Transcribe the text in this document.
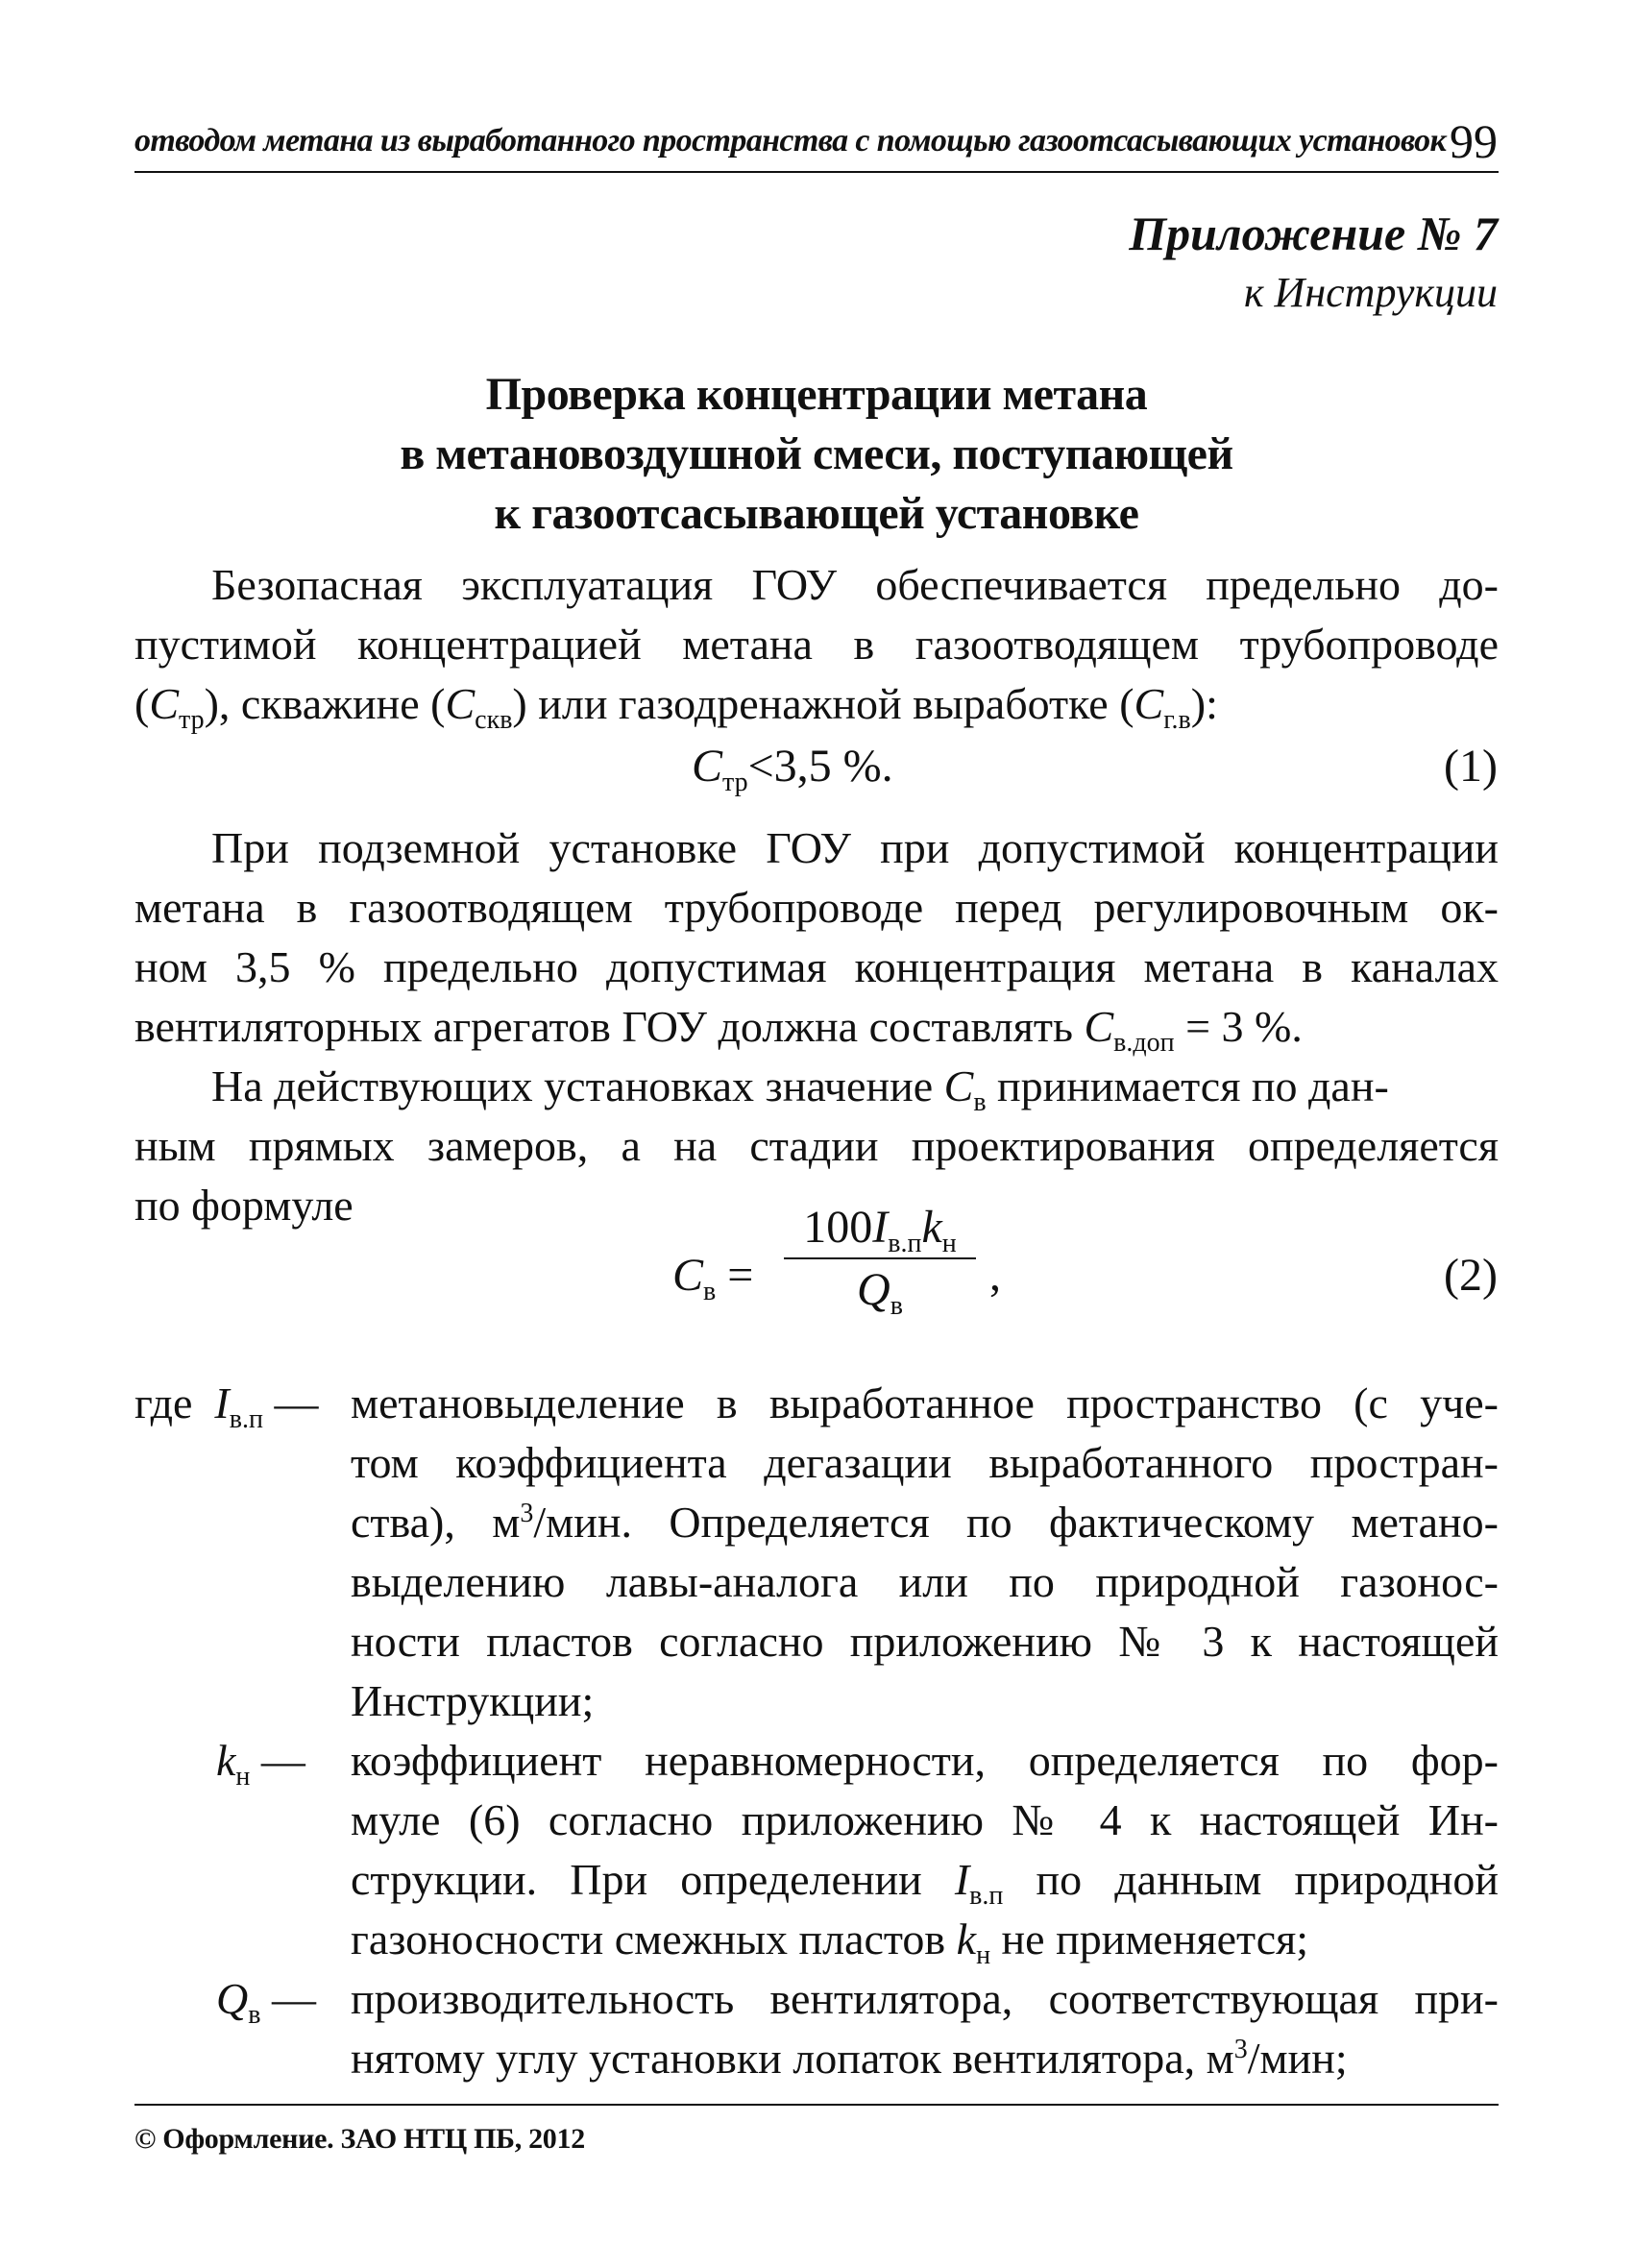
отводом метана из выработанного пространства с помощью газоотсасывающих установок 99
Приложение № 7
к Инструкции
Проверка концентрации метана
в метановоздушной смеси, поступающей
к газоотсасывающей установке
Безопасная эксплуатация ГОУ обеспечивается предельно до-
пустимой концентрацией метана в газоотводящем трубопроводе
$(C_{тр})$, скважине $(C_{скв})$ или газодренажной выработке $(C_{г.в})$:
$C_{тр}<3,5$ %.	(1)
При подземной установке ГОУ при допустимой концентрации
метана в газоотводящем трубопроводе перед регулировочным ок-
ном 3,5 % предельно допустимая концентрация метана в каналах
вентиляторных агрегатов ГОУ должна составлять $C_{в.доп} = 3$ %.
На действующих установках значение $C_в$ принимается по дан-
ным прямых замеров, а на стадии проектирования определяется
по формуле
$C_в$ =
$100I_{в.п}k_н$
$Q_в$
,	(2)
где $I_{в.п}$ — метановыделение в выработанное пространство (с уче-
том коэффициента дегазации выработанного простран-
ства), $м^3$/мин. Определяется по фактическому метано-
выделению лавы-аналога или по природной газонос-
ности пластов согласно приложению № 3 к настоящей
Инструкции;
$k_н$ — коэффициент неравномерности, определяется по фор-
муле (6) согласно приложению № 4 к настоящей Ин-
струкции. При определении $I_{в.п}$ по данным природной
газоносности смежных пластов $k_н$ не применяется;
$Q_в$ — производительность вентилятора, соответствующая при-
нятому углу установки лопаток вентилятора, $м^3$/мин;
© Оформление. ЗАО НТЦ ПБ, 2012
